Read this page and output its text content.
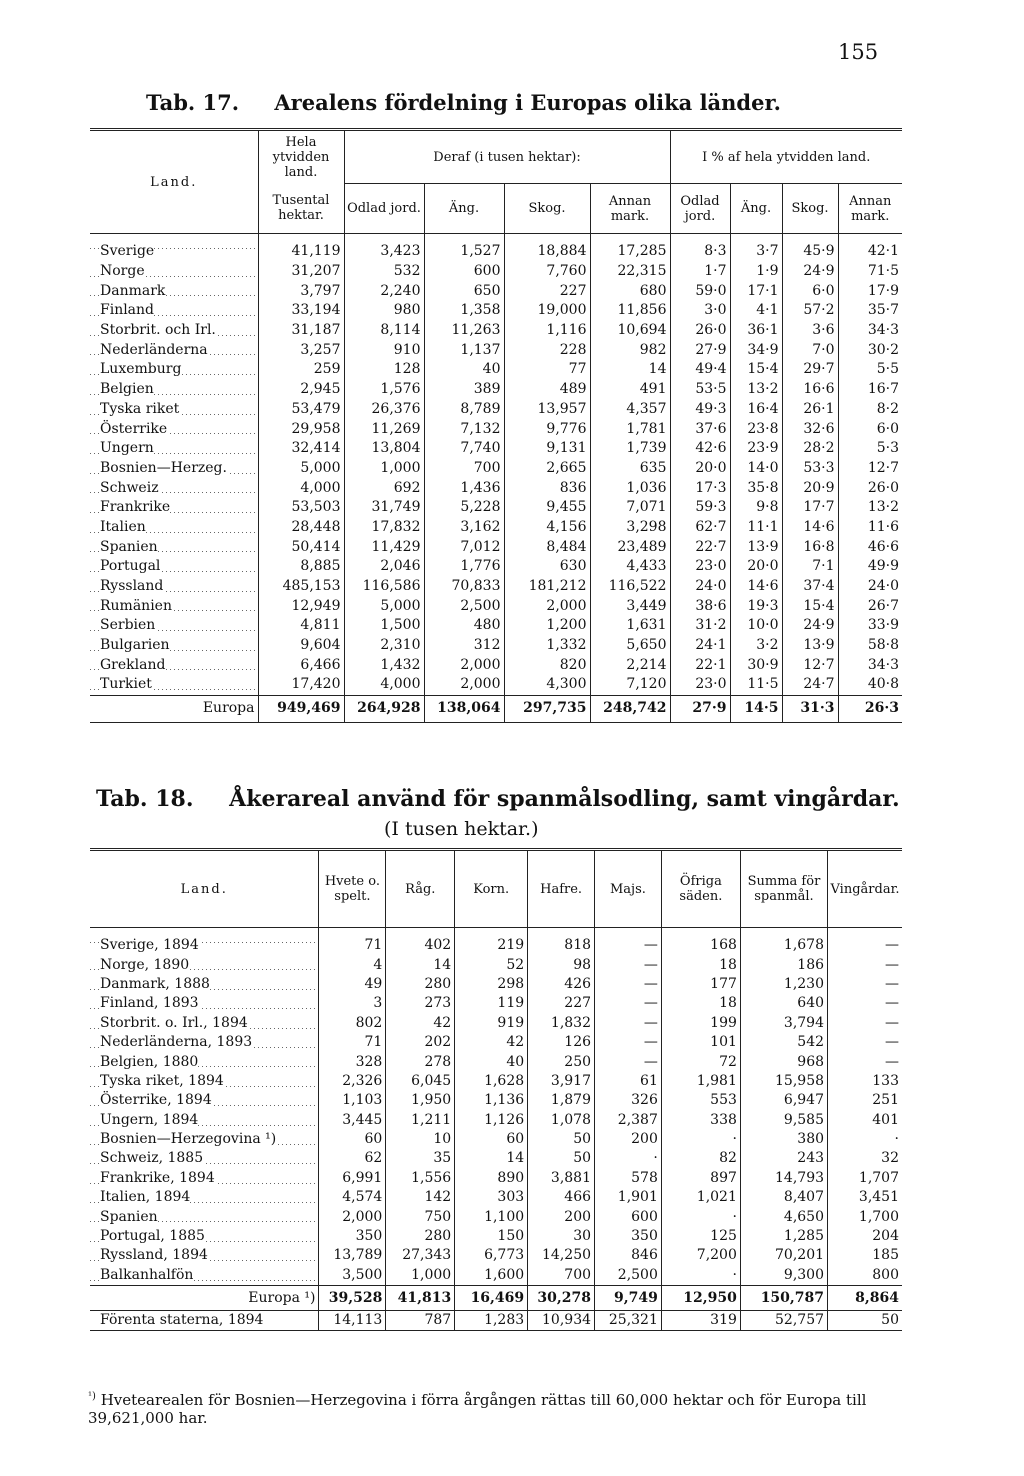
155
Tab. 17. Arealens fördelning i Europas olika länder.
Land.	Hela ytvidden land.	Deraf (i tusen hektar):				I % af hela ytvidden land.			
	Tusental hektar.	Odlad jord.	Äng.	Skog.	Annan mark.	Odlad jord.	Äng.	Skog.	Annan mark.
Sverige	41,119	3,423	1,527	18,884	17,285	8·3	3·7	45·9	42·1
Norge	31,207	532	600	7,760	22,315	1·7	1·9	24·9	71·5
Danmark	3,797	2,240	650	227	680	59·0	17·1	6·0	17·9
Finland	33,194	980	1,358	19,000	11,856	3·0	4·1	57·2	35·7
Storbrit. och Irl.	31,187	8,114	11,263	1,116	10,694	26·0	36·1	3·6	34·3
Nederländerna	3,257	910	1,137	228	982	27·9	34·9	7·0	30·2
Luxemburg	259	128	40	77	14	49·4	15·4	29·7	5·5
Belgien	2,945	1,576	389	489	491	53·5	13·2	16·6	16·7
Tyska riket	53,479	26,376	8,789	13,957	4,357	49·3	16·4	26·1	8·2
Österrike	29,958	11,269	7,132	9,776	1,781	37·6	23·8	32·6	6·0
Ungern	32,414	13,804	7,740	9,131	1,739	42·6	23·9	28·2	5·3
Bosnien—Herzeg.	5,000	1,000	700	2,665	635	20·0	14·0	53·3	12·7
Schweiz	4,000	692	1,436	836	1,036	17·3	35·8	20·9	26·0
Frankrike	53,503	31,749	5,228	9,455	7,071	59·3	9·8	17·7	13·2
Italien	28,448	17,832	3,162	4,156	3,298	62·7	11·1	14·6	11·6
Spanien	50,414	11,429	7,012	8,484	23,489	22·7	13·9	16·8	46·6
Portugal	8,885	2,046	1,776	630	4,433	23·0	20·0	7·1	49·9
Ryssland	485,153	116,586	70,833	181,212	116,522	24·0	14·6	37·4	24·0
Rumänien	12,949	5,000	2,500	2,000	3,449	38·6	19·3	15·4	26·7
Serbien	4,811	1,500	480	1,200	1,631	31·2	10·0	24·9	33·9
Bulgarien	9,604	2,310	312	1,332	5,650	24·1	3·2	13·9	58·8
Grekland	6,466	1,432	2,000	820	2,214	22·1	30·9	12·7	34·3
Turkiet	17,420	4,000	2,000	4,300	7,120	23·0	11·5	24·7	40·8
Europa	949,469	264,928	138,064	297,735	248,742	27·9	14·5	31·3	26·3
Tab. 18. Åkerareal använd för spanmålsodling, samt vingårdar.
(I tusen hektar.)
Land.	Hvete o. spelt.	Råg.	Korn.	Hafre.	Majs.	Öfriga säden.	Summa för spanmål.	Vingårdar.
Sverige, 1894	71	402	219	818	—	168	1,678	—
Norge, 1890	4	14	52	98	—	18	186	—
Danmark, 1888	49	280	298	426	—	177	1,230	—
Finland, 1893	3	273	119	227	—	18	640	—
Storbrit. o. Irl., 1894	802	42	919	1,832	—	199	3,794	—
Nederländerna, 1893	71	202	42	126	—	101	542	—
Belgien, 1880	328	278	40	250	—	72	968	—
Tyska riket, 1894	2,326	6,045	1,628	3,917	61	1,981	15,958	133
Österrike, 1894	1,103	1,950	1,136	1,879	326	553	6,947	251
Ungern, 1894	3,445	1,211	1,126	1,078	2,387	338	9,585	401
Bosnien—Herzegovina ¹)	60	10	60	50	200	·	380	·
Schweiz, 1885	62	35	14	50	·	82	243	32
Frankrike, 1894	6,991	1,556	890	3,881	578	897	14,793	1,707
Italien, 1894	4,574	142	303	466	1,901	1,021	8,407	3,451
Spanien	2,000	750	1,100	200	600	·	4,650	1,700
Portugal, 1885	350	280	150	30	350	125	1,285	204
Ryssland, 1894	13,789	27,343	6,773	14,250	846	7,200	70,201	185
Balkanhalfön	3,500	1,000	1,600	700	2,500	·	9,300	800
Europa ¹)	39,528	41,813	16,469	30,278	9,749	12,950	150,787	8,864
Förenta staterna, 1894	14,113	787	1,283	10,934	25,321	319	52,757	50
$^{^1)}$ Hvetearealen för Bosnien—Herzegovina i förra årgången rättas till 60,000 hektar och för Europa till 39,621,000 har.
